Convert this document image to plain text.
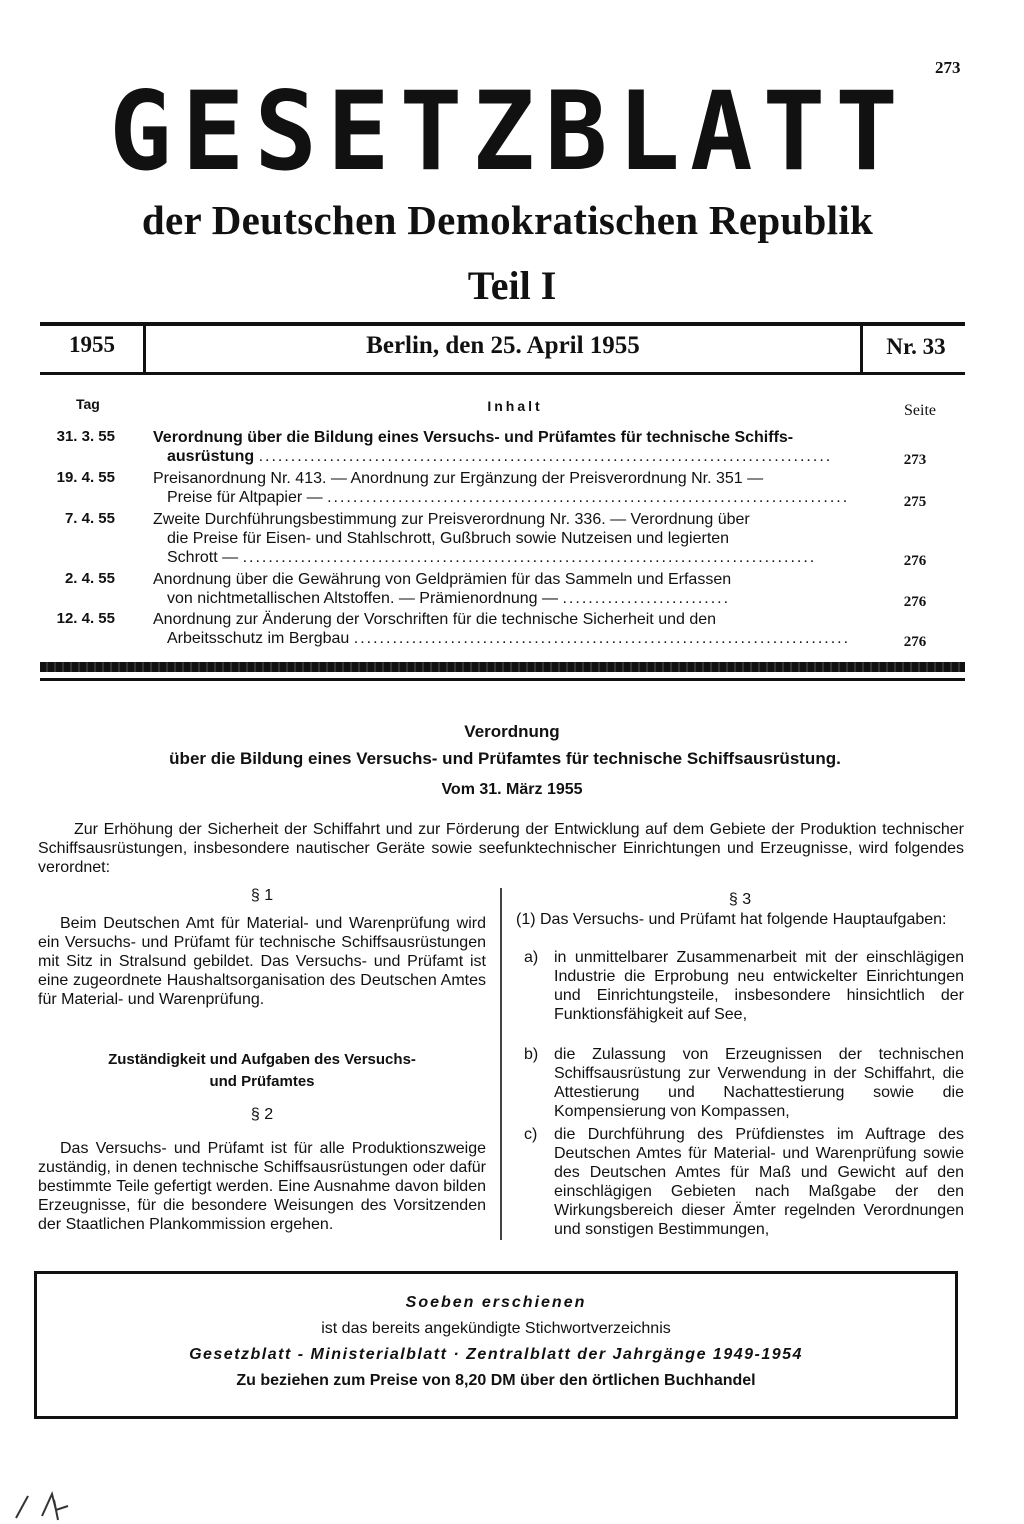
273
GESETZBLATT
der Deutschen Demokratischen Republik
Teil I
1955	Berlin, den 25. April 1955	Nr. 33
Tag	Inhalt	Seite
31. 3. 55 Verordnung über die Bildung eines Versuchs- und Prüfamtes für technische Schiffs-
ausrüstung .........................................................................................	273
19. 4. 55 Preisanordnung Nr. 413. — Anordnung zur Ergänzung der Preisverordnung Nr. 351 —
Preise für Altpapier — .................................................................................	275
7. 4. 55 Zweite Durchführungsbestimmung zur Preisverordnung Nr. 336. — Verordnung über
die Preise für Eisen- und Stahlschrott, Gußbruch sowie Nutzeisen und legierten
Schrott — .........................................................................................	276
2. 4. 55 Anordnung über die Gewährung von Geldprämien für das Sammeln und Erfassen
von nichtmetallischen Altstoffen. — Prämienordnung — ..........................	276
12. 4. 55 Anordnung zur Änderung der Vorschriften für die technische Sicherheit und den
Arbeitsschutz im Bergbau .............................................................................	276
Verordnung
über die Bildung eines Versuchs- und Prüfamtes für technische Schiffsausrüstung.
Vom 31. März 1955
Zur Erhöhung der Sicherheit der Schiffahrt und zur Förderung der Entwicklung auf dem Gebiete der Produktion technischer Schiffsausrüstungen, insbesondere nautischer Geräte sowie seefunktechnischer Einrichtungen und Erzeugnisse, wird folgendes verordnet:
§ 1
Beim Deutschen Amt für Material- und Warenprüfung wird ein Versuchs- und Prüfamt für technische Schiffsausrüstungen mit Sitz in Stralsund gebildet. Das Versuchs- und Prüfamt ist eine zugeordnete Haushaltsorganisation des Deutschen Amtes für Material- und Warenprüfung.
Zuständigkeit und Aufgaben des Versuchs-
und Prüfamtes
§ 2
Das Versuchs- und Prüfamt ist für alle Produktionszweige zuständig, in denen technische Schiffsausrüstungen oder dafür bestimmte Teile gefertigt werden. Eine Ausnahme davon bilden Erzeugnisse, für die besondere Weisungen des Vorsitzenden der Staatlichen Plankommission ergehen.
§ 3
(1) Das Versuchs- und Prüfamt hat folgende Hauptaufgaben:
a) in unmittelbarer Zusammenarbeit mit der einschlägigen Industrie die Erprobung neu entwickelter Einrichtungen und Einrichtungsteile, insbesondere hinsichtlich der Funktionsfähigkeit auf See,
b) die Zulassung von Erzeugnissen der technischen Schiffsausrüstung zur Verwendung in der Schiffahrt, die Attestierung und Nachattestierung sowie die Kompensierung von Kompassen,
c) die Durchführung des Prüfdienstes im Auftrage des Deutschen Amtes für Material- und Warenprüfung sowie des Deutschen Amtes für Maß und Gewicht auf den einschlägigen Gebieten nach Maßgabe der den Wirkungsbereich dieser Ämter regelnden Verordnungen und sonstigen Bestimmungen,
Soeben erschienen
ist das bereits angekündigte Stichwortverzeichnis
Gesetzblatt - Ministerialblatt · Zentralblatt der Jahrgänge 1949-1954
Zu beziehen zum Preise von 8,20 DM über den örtlichen Buchhandel
